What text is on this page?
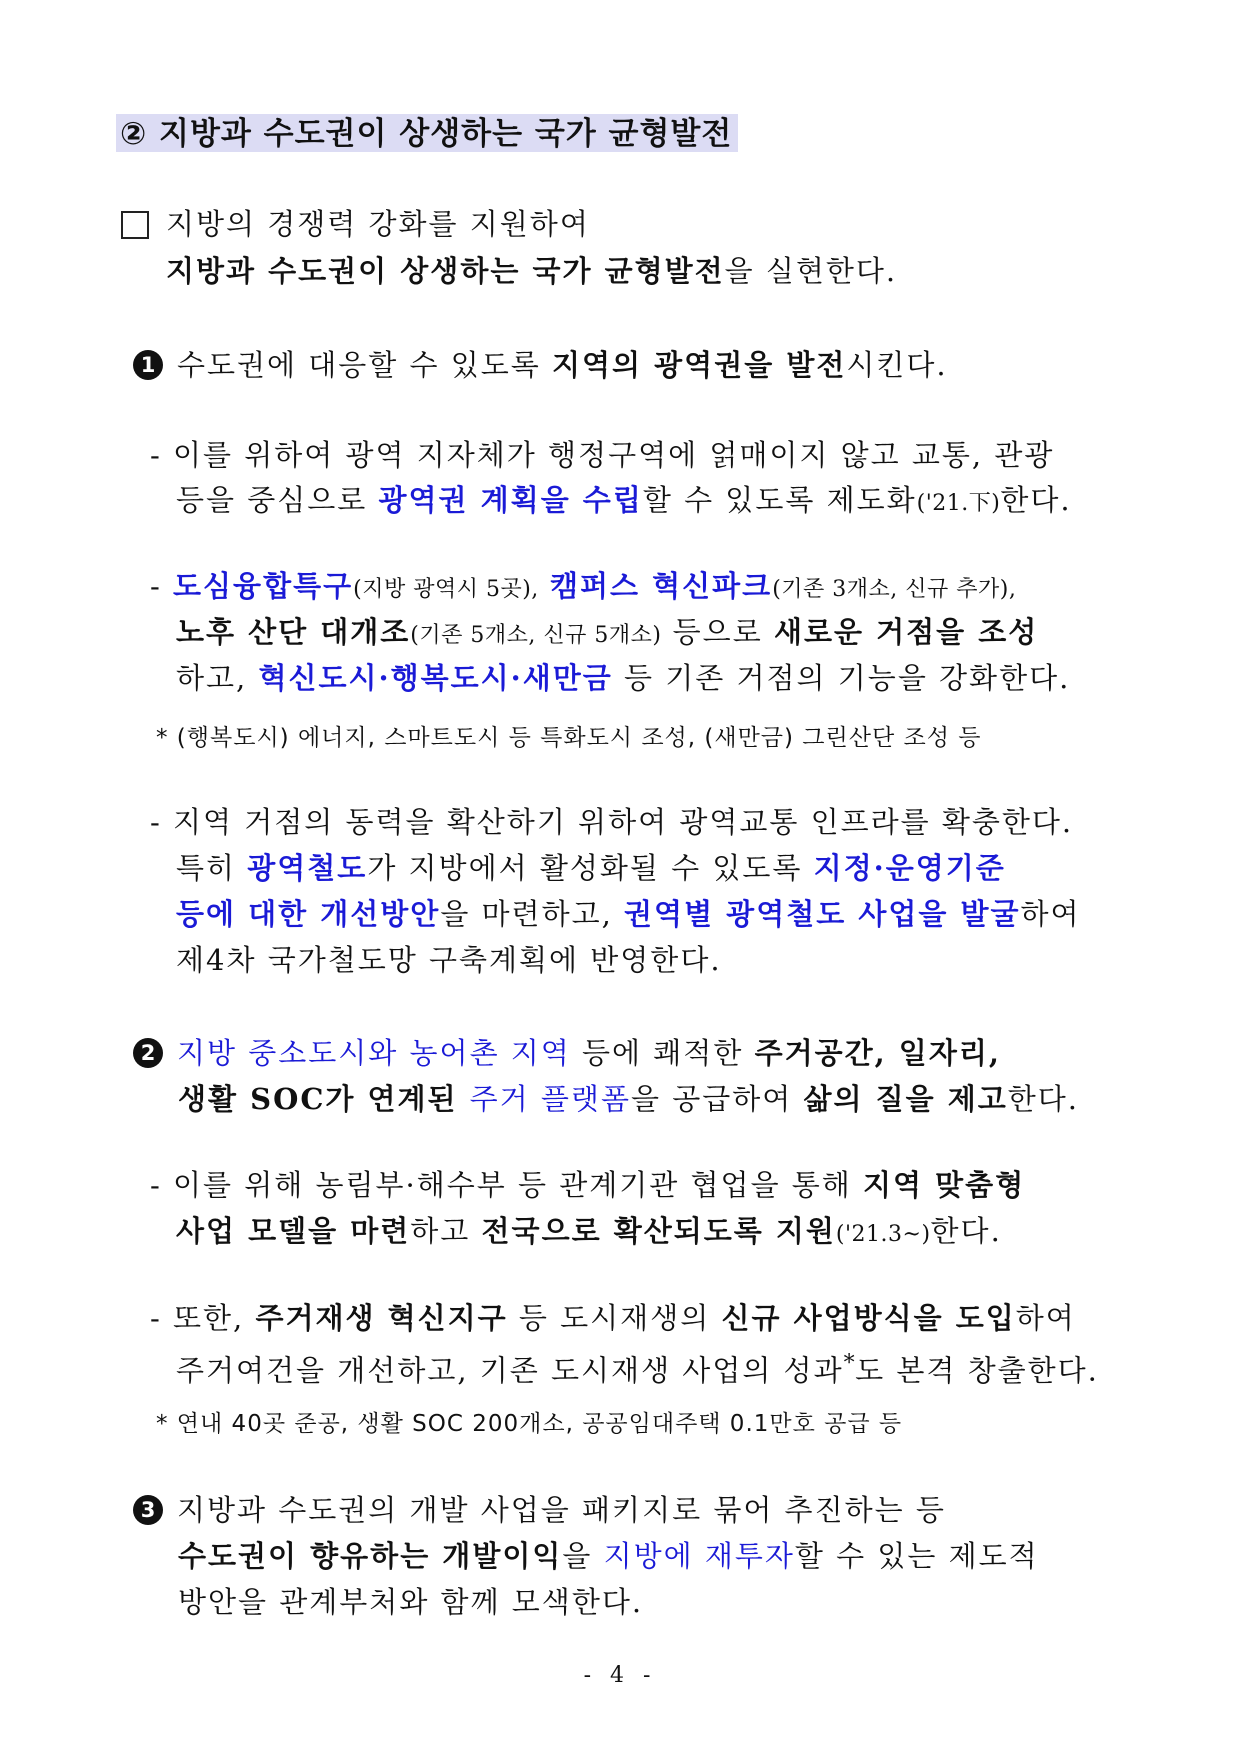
② 지방과 수도권이 상생하는 국가 균형발전
지방의 경쟁력 강화를 지원하여
지방과 수도권이 상생하는 국가 균형발전을 실현한다.
1 수도권에 대응할 수 있도록 지역의 광역권을 발전시킨다.
- 이를 위하여 광역 지자체가 행정구역에 얽매이지 않고 교통, 관광
등을 중심으로 광역권 계획을 수립할 수 있도록 제도화('21.下)한다.
- 도심융합특구(지방 광역시 5곳), 캠퍼스 혁신파크(기존 3개소, 신규 추가),
노후 산단 대개조(기존 5개소, 신규 5개소) 등으로 새로운 거점을 조성
하고, 혁신도시·행복도시·새만금 등 기존 거점의 기능을 강화한다.
* (행복도시) 에너지, 스마트도시 등 특화도시 조성, (새만금) 그린산단 조성 등
- 지역 거점의 동력을 확산하기 위하여 광역교통 인프라를 확충한다.
특히 광역철도가 지방에서 활성화될 수 있도록 지정·운영기준
등에 대한 개선방안을 마련하고, 권역별 광역철도 사업을 발굴하여
제4차 국가철도망 구축계획에 반영한다.
2 지방 중소도시와 농어촌 지역 등에 쾌적한 주거공간, 일자리,
생활 SOC가 연계된 주거 플랫폼을 공급하여 삶의 질을 제고한다.
- 이를 위해 농림부·해수부 등 관계기관 협업을 통해 지역 맞춤형
사업 모델을 마련하고 전국으로 확산되도록 지원('21.3~)한다.
- 또한, 주거재생 혁신지구 등 도시재생의 신규 사업방식을 도입하여
주거여건을 개선하고, 기존 도시재생 사업의 성과*도 본격 창출한다.
* 연내 40곳 준공, 생활 SOC 200개소, 공공임대주택 0.1만호 공급 등
3 지방과 수도권의 개발 사업을 패키지로 묶어 추진하는 등
수도권이 향유하는 개발이익을 지방에 재투자할 수 있는 제도적
방안을 관계부처와 함께 모색한다.
- 4 -
